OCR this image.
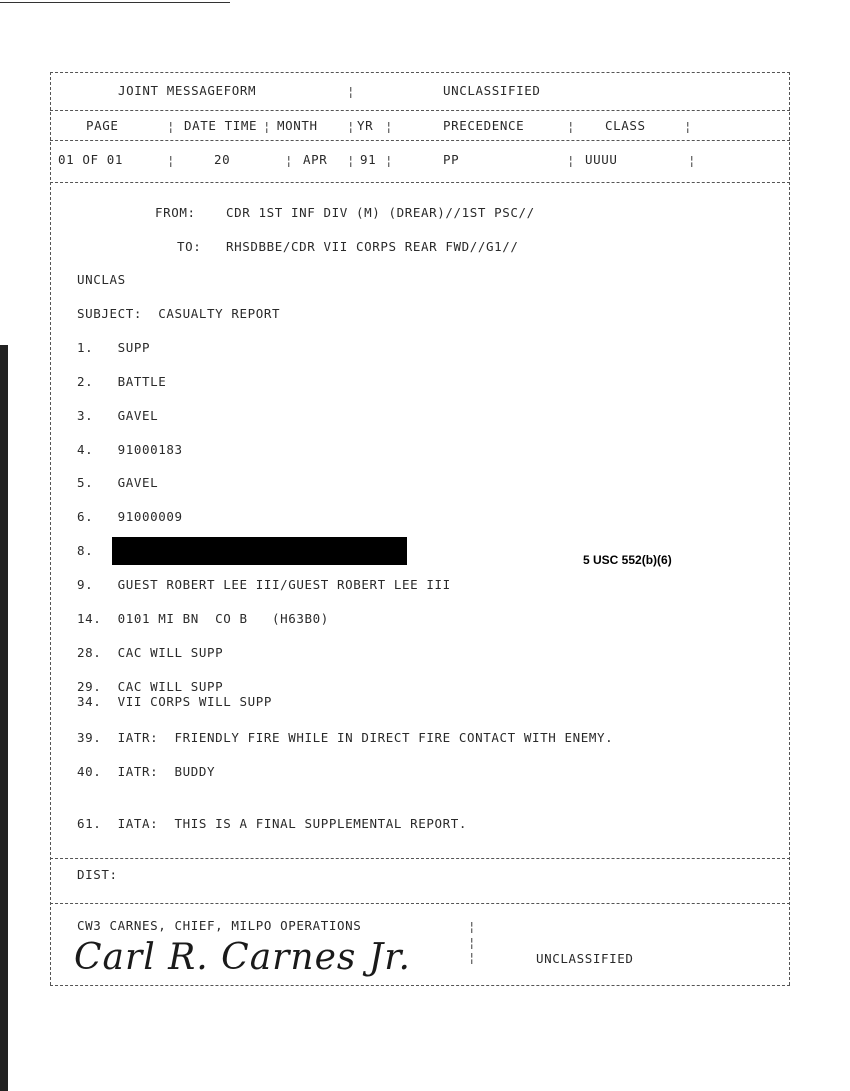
JOINT MESSAGEFORM	¦	UNCLASSIFIED
PAGE	¦ DATE TIME ¦ MONTH ¦ YR ¦	PRECEDENCE	¦ CLASS	¦
01 OF 01	¦	20	¦ APR ¦ 91 ¦	PP	¦ UUUU	¦
FROM: CDR 1ST INF DIV (M) (DREAR)//1ST PSC//
TO: RHSDBBE/CDR VII CORPS REAR FWD//G1//
UNCLAS
SUBJECT:  CASUALTY REPORT
1.   SUPP
2.   BATTLE
3.   GAVEL
4.   91000183
5.   GAVEL
6.   91000009
8.
5 USC 552(b)(6)
9.   GUEST ROBERT LEE III/GUEST ROBERT LEE III
14.  0101 MI BN  CO B   (H63B0)
28.  CAC WILL SUPP
29.  CAC WILL SUPP
34.  VII CORPS WILL SUPP
39.  IATR:  FRIENDLY FIRE WHILE IN DIRECT FIRE CONTACT WITH ENEMY.
40.  IATR:  BUDDY
61.  IATA:  THIS IS A FINAL SUPPLEMENTAL REPORT.
DIST:
CW3 CARNES, CHIEF, MILPO OPERATIONS	¦
¦
¦
Carl R. Carnes Jr.	UNCLASSIFIED
